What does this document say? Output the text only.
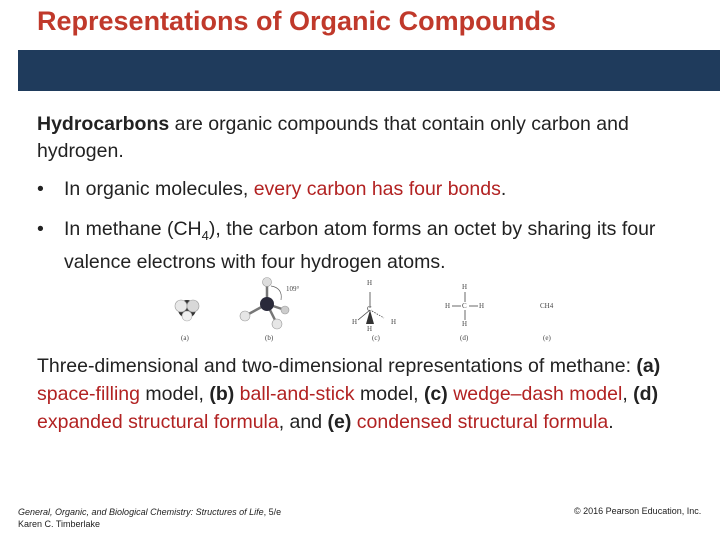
Representations of Organic Compounds
Hydrocarbons are organic compounds that contain only carbon and hydrogen.
• In organic molecules, every carbon has four bonds.
• In methane $(CH_4)$, the carbon atom forms an octet by sharing its four valence electrons with four hydrogen atoms.
(a)
109°
(b)
H
C
H	H
H
(c)
H
H C H
H
(d)
CH4
(e)
Three-dimensional and two-dimensional representations of methane: (a) space-filling model, (b) ball-and-stick model, (c) wedge–dash model, (d) expanded structural formula, and (e) condensed structural formula.
General, Organic, and Biological Chemistry: Structures of Life, 5/e
Karen C. Timberlake
© 2016 Pearson Education, Inc.
